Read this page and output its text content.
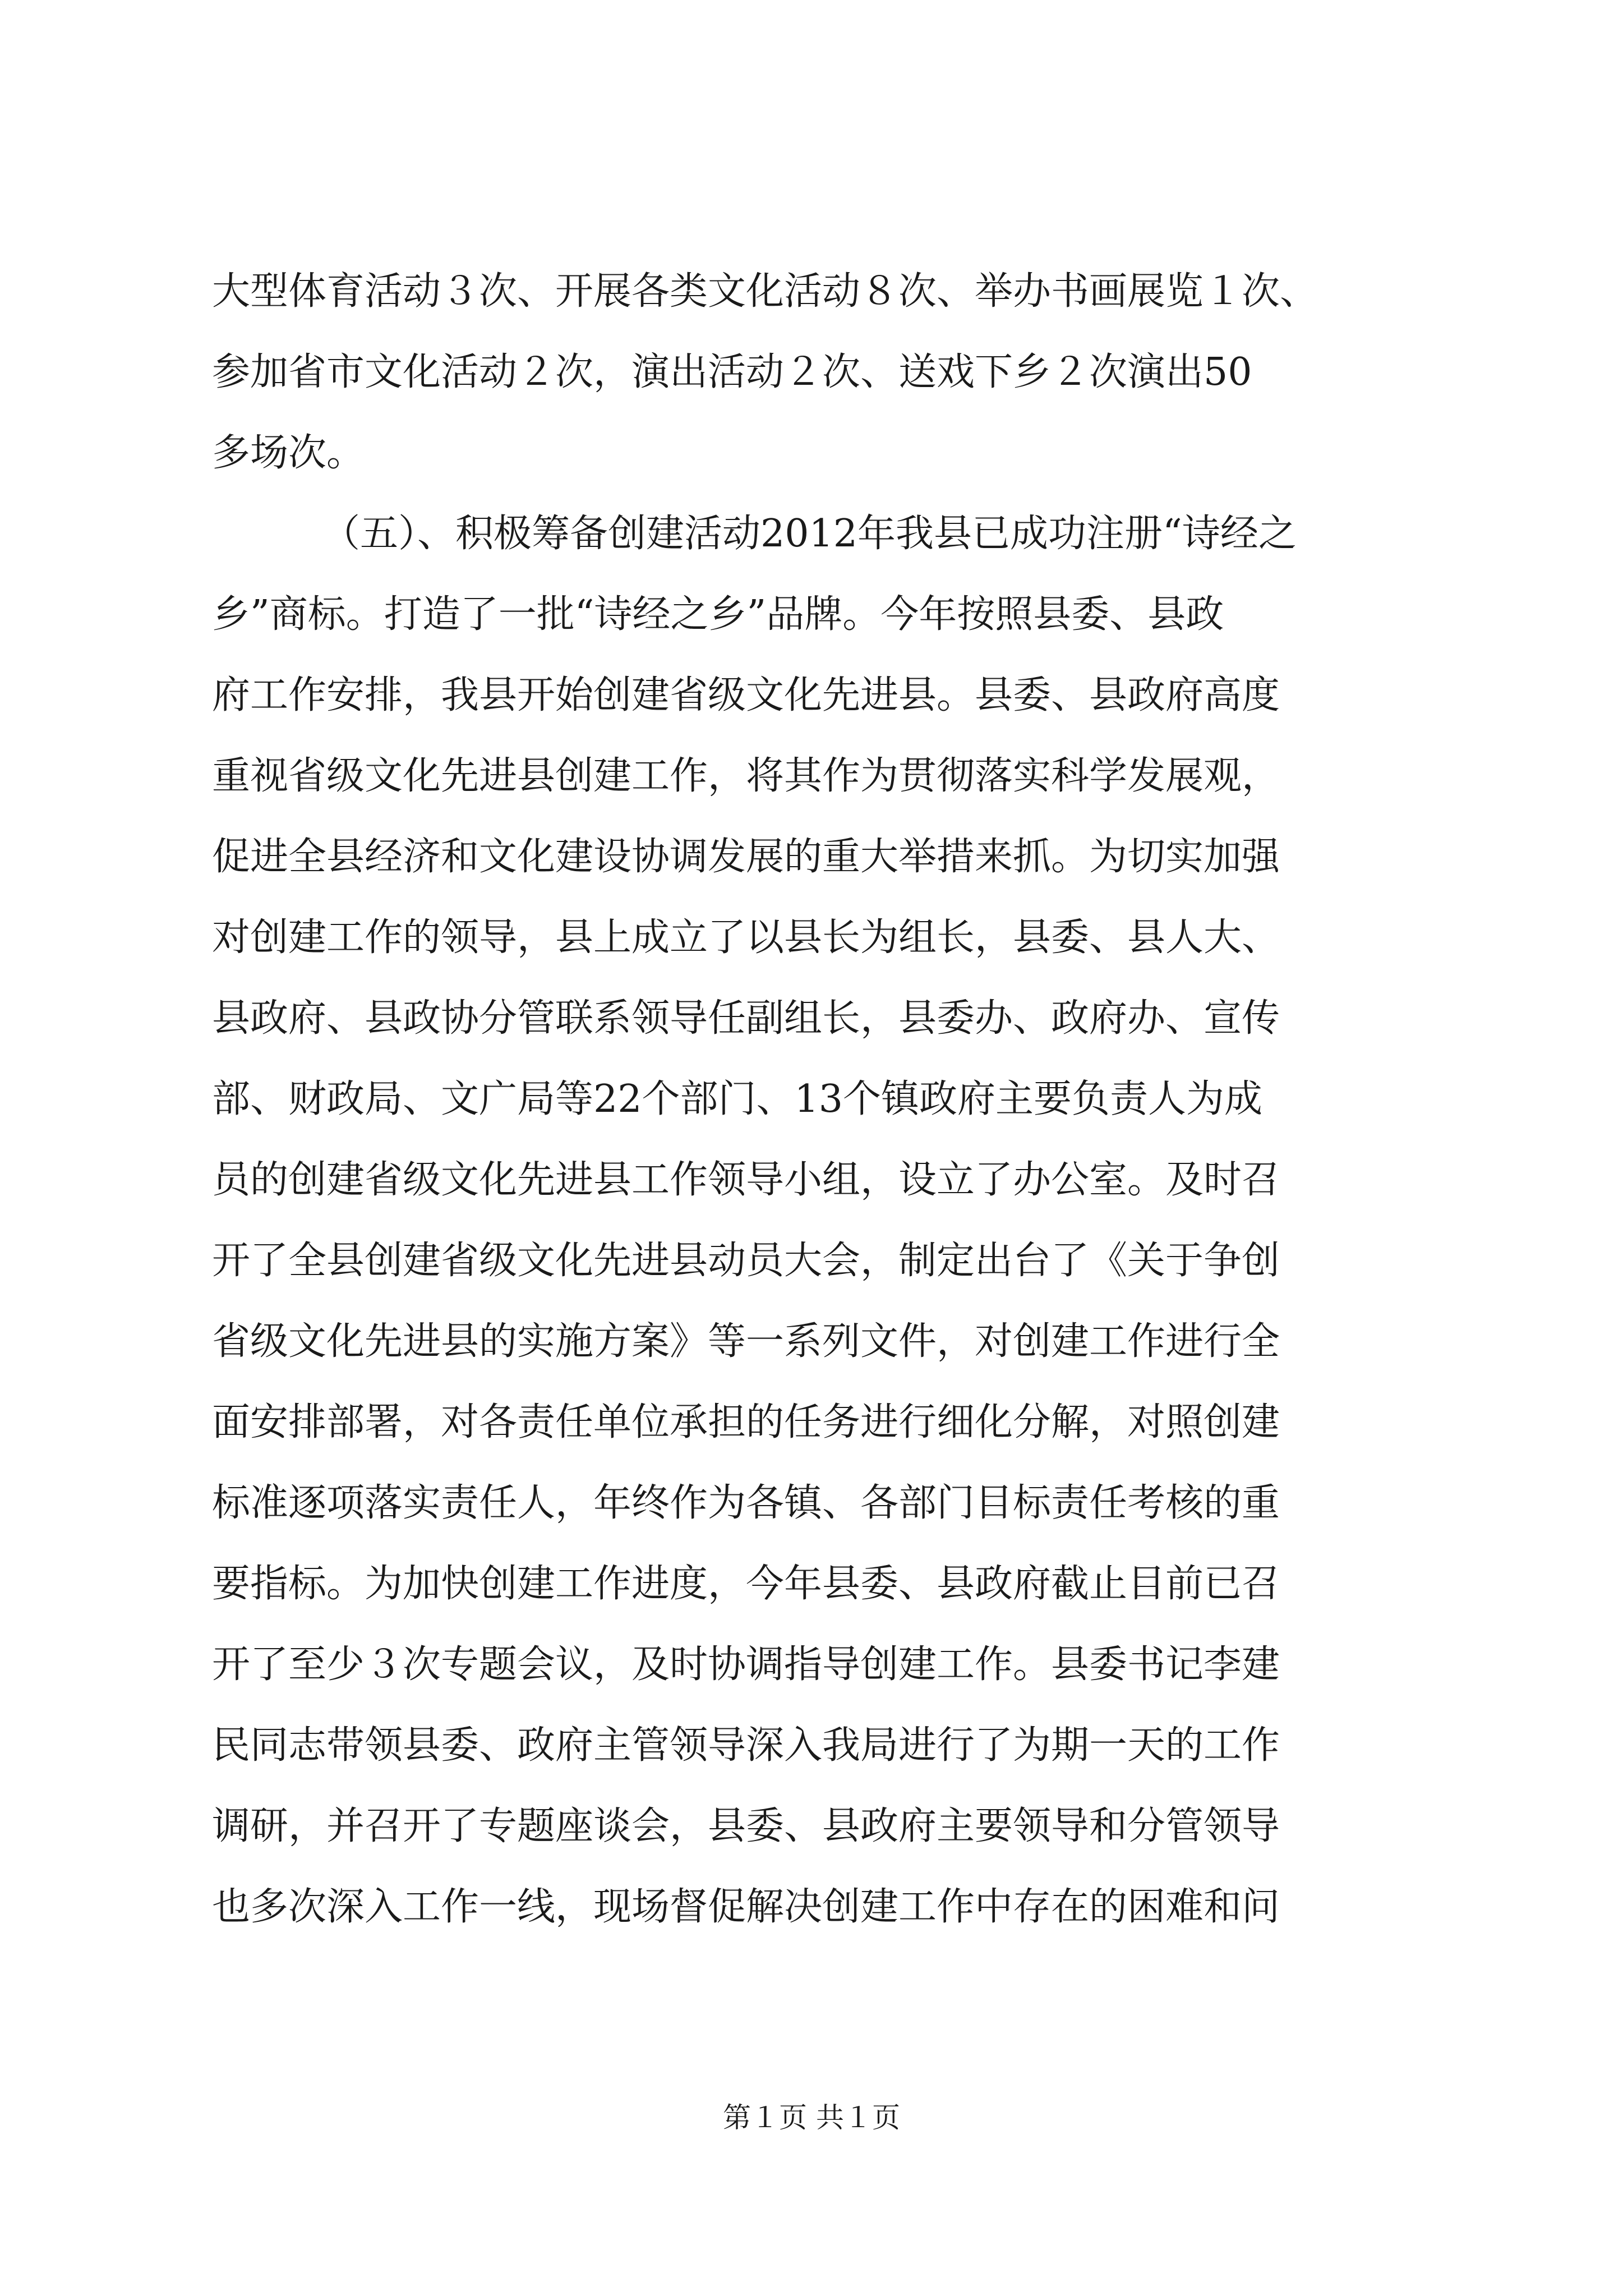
大型体育活动３次、开展各类文化活动８次、举办书画展览１次、
参加省市文化活动２次，演出活动２次、送戏下乡２次演出50
多场次。
（五）、积极筹备创建活动2012年我县已成功注册“诗经之
乡”商标。打造了一批“诗经之乡”品牌。今年按照县委、县政
府工作安排，我县开始创建省级文化先进县。县委、县政府高度
重视省级文化先进县创建工作，将其作为贯彻落实科学发展观，
促进全县经济和文化建设协调发展的重大举措来抓。为切实加强
对创建工作的领导，县上成立了以县长为组长，县委、县人大、
县政府、县政协分管联系领导任副组长，县委办、政府办、宣传
部、财政局、文广局等22个部门、13个镇政府主要负责人为成
员的创建省级文化先进县工作领导小组，设立了办公室。及时召
开了全县创建省级文化先进县动员大会，制定出台了《关于争创
省级文化先进县的实施方案》等一系列文件，对创建工作进行全
面安排部署，对各责任单位承担的任务进行细化分解，对照创建
标准逐项落实责任人，年终作为各镇、各部门目标责任考核的重
要指标。为加快创建工作进度，今年县委、县政府截止目前已召
开了至少３次专题会议，及时协调指导创建工作。县委书记李建
民同志带领县委、政府主管领导深入我局进行了为期一天的工作
调研，并召开了专题座谈会，县委、县政府主要领导和分管领导
也多次深入工作一线，现场督促解决创建工作中存在的困难和问
第１页 共１页
